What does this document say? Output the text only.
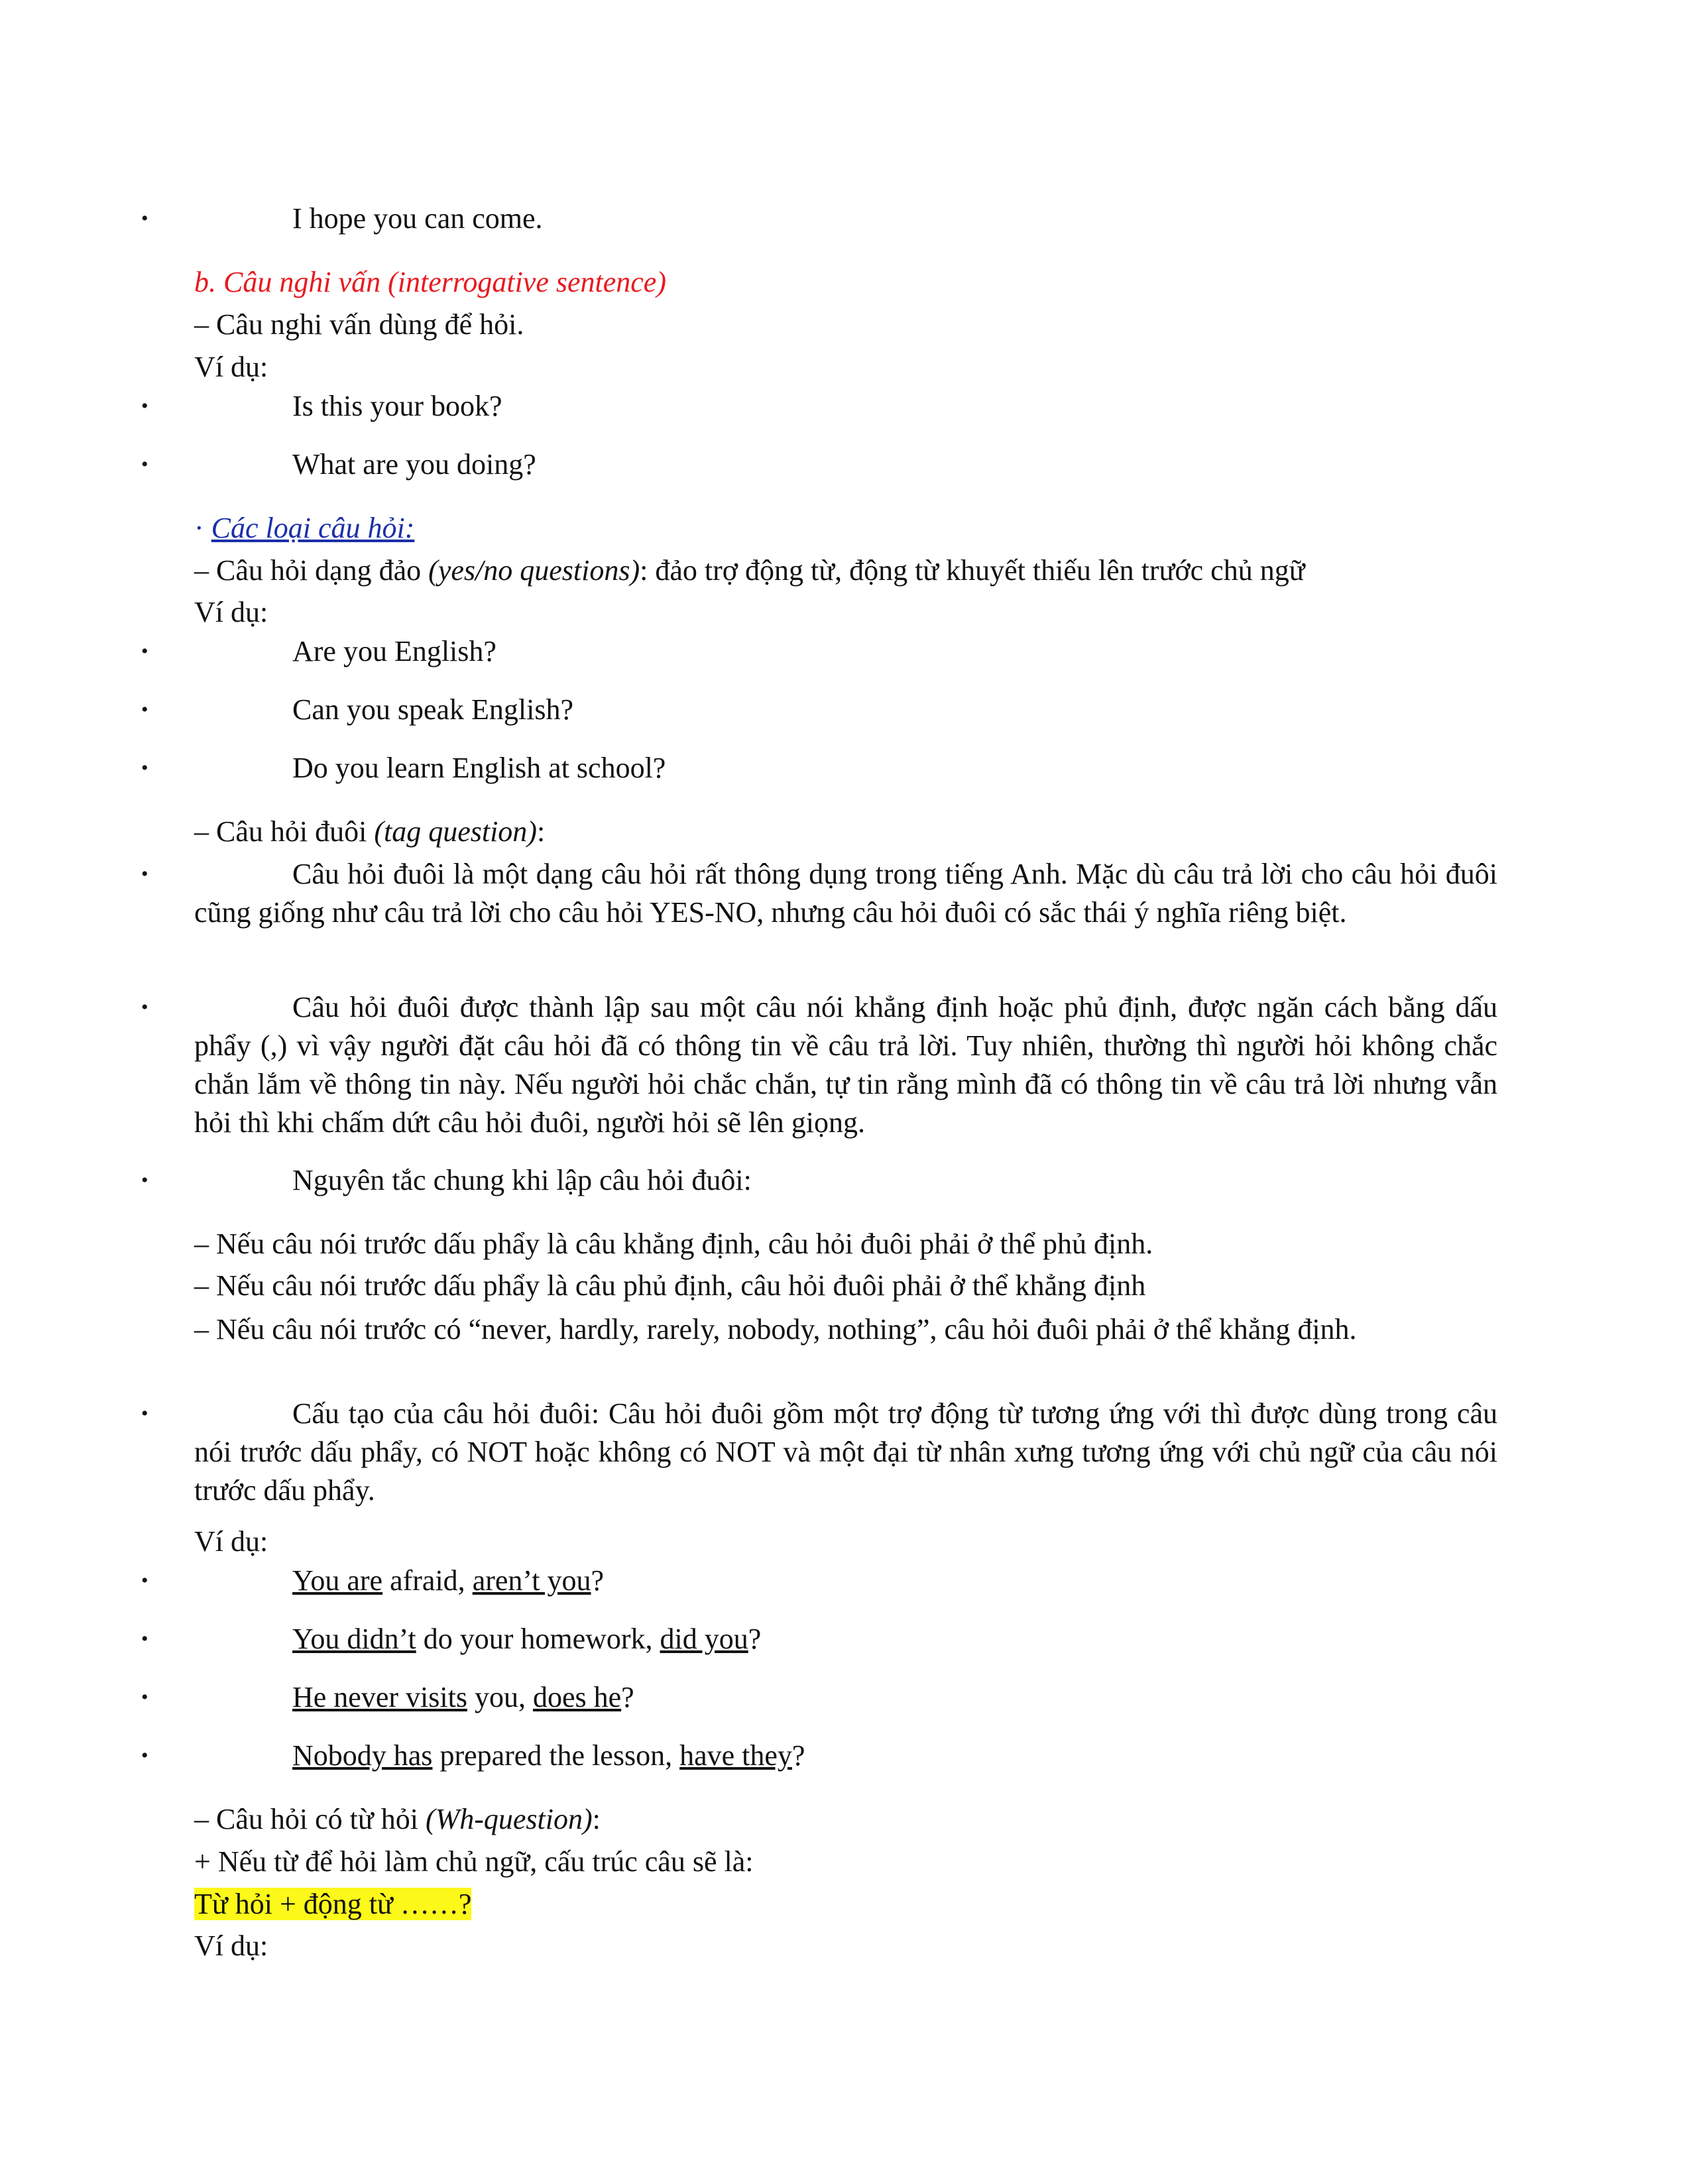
•	I hope you can come.
b. Câu nghi vấn (interrogative sentence)
– Câu nghi vấn dùng để hỏi.
Ví dụ:
•	Is this your book?
•	What are you doing?
· Các loại câu hỏi:
– Câu hỏi dạng đảo (yes/no questions): đảo trợ động từ, động từ khuyết thiếu lên trước chủ ngữ
Ví dụ:
•	Are you English?
•	Can you speak English?
•	Do you learn English at school?
– Câu hỏi đuôi (tag question):
•	Câu hỏi đuôi là một dạng câu hỏi rất thông dụng trong tiếng Anh. Mặc dù câu trả lời cho câu hỏi đuôi cũng giống như câu trả lời cho câu hỏi YES-NO, nhưng câu hỏi đuôi có sắc thái ý nghĩa riêng biệt.
•	Câu hỏi đuôi được thành lập sau một câu nói khẳng định hoặc phủ định, được ngăn cách bằng dấu phẩy (,) vì vậy người đặt câu hỏi đã có thông tin về câu trả lời. Tuy nhiên, thường thì người hỏi không chắc chắn lắm về thông tin này. Nếu người hỏi chắc chắn, tự tin rằng mình đã có thông tin về câu trả lời nhưng vẫn hỏi thì khi chấm dứt câu hỏi đuôi, người hỏi sẽ lên giọng.
•	Nguyên tắc chung khi lập câu hỏi đuôi:
– Nếu câu nói trước dấu phẩy là câu khẳng định, câu hỏi đuôi phải ở thể phủ định.
– Nếu câu nói trước dấu phẩy là câu phủ định, câu hỏi đuôi phải ở thể khẳng định
– Nếu câu nói trước có “never, hardly, rarely, nobody, nothing”, câu hỏi đuôi phải ở thể khẳng định.
•	Cấu tạo của câu hỏi đuôi: Câu hỏi đuôi gồm một trợ động từ tương ứng với thì được dùng trong câu nói trước dấu phẩy, có NOT hoặc không có NOT và một đại từ nhân xưng tương ứng với chủ ngữ của câu nói trước dấu phẩy.
Ví dụ:
•	You are afraid, aren’t you?
•	You didn’t do your homework, did you?
•	He never visits you, does he?
•	Nobody has prepared the lesson, have they?
– Câu hỏi có từ hỏi (Wh-question):
+ Nếu từ để hỏi làm chủ ngữ, cấu trúc câu sẽ là:
Từ hỏi + động từ ……?
Ví dụ:
